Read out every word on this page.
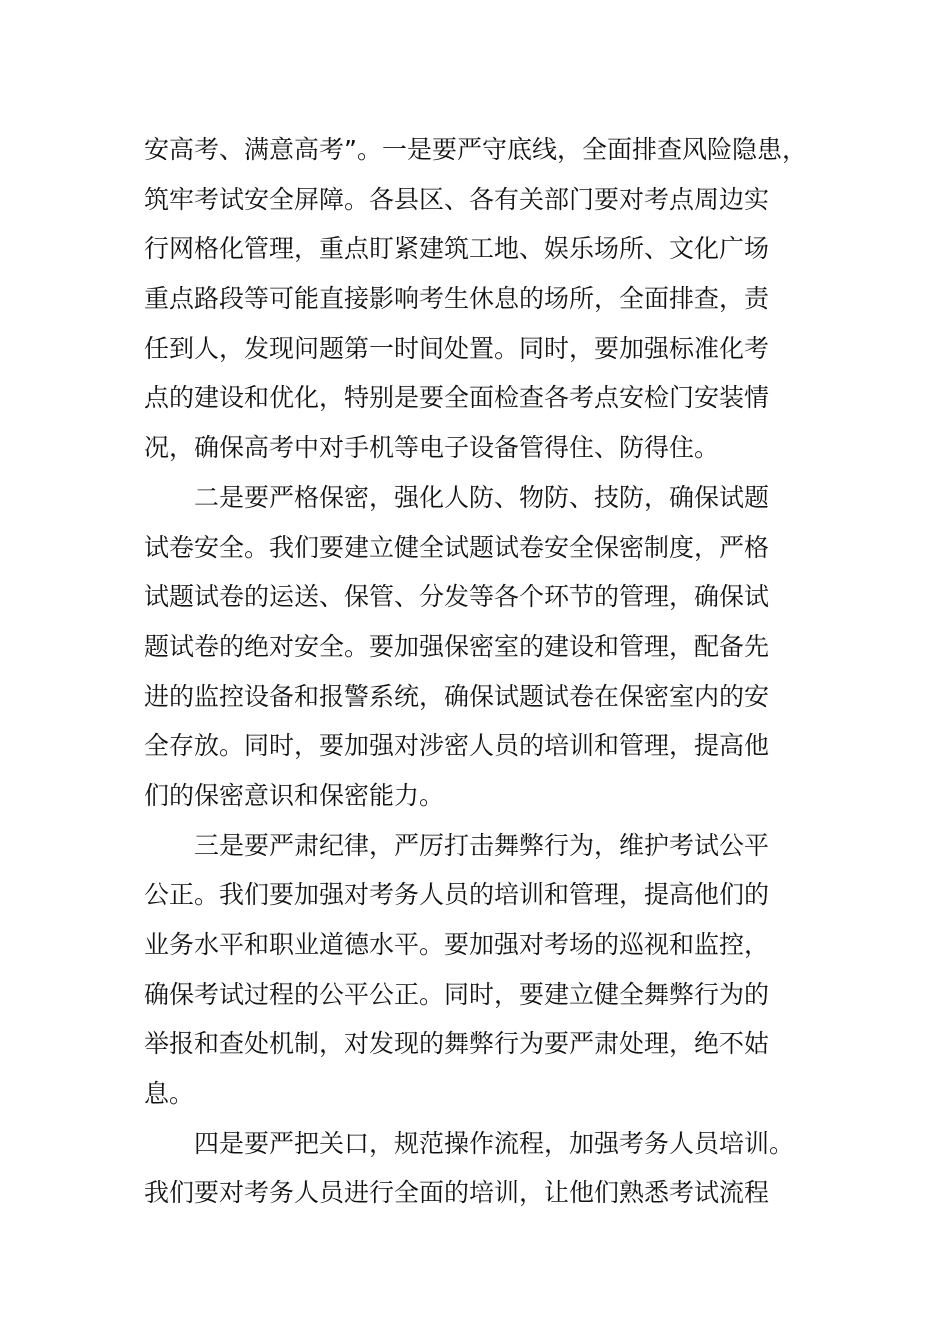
安高考、满意高考”。一是要严守底线，全面排查风险隐患，
筑牢考试安全屏障。各县区、各有关部门要对考点周边实
行网格化管理，重点盯紧建筑工地、娱乐场所、文化广场
重点路段等可能直接影响考生休息的场所，全面排查，责
任到人，发现问题第一时间处置。同时，要加强标准化考
点的建设和优化，特别是要全面检查各考点安检门安装情
况，确保高考中对手机等电子设备管得住、防得住。
二是要严格保密，强化人防、物防、技防，确保试题
试卷安全。我们要建立健全试题试卷安全保密制度，严格
试题试卷的运送、保管、分发等各个环节的管理，确保试
题试卷的绝对安全。要加强保密室的建设和管理，配备先
进的监控设备和报警系统，确保试题试卷在保密室内的安
全存放。同时，要加强对涉密人员的培训和管理，提高他
们的保密意识和保密能力。
三是要严肃纪律，严厉打击舞弊行为，维护考试公平
公正。我们要加强对考务人员的培训和管理，提高他们的
业务水平和职业道德水平。要加强对考场的巡视和监控，
确保考试过程的公平公正。同时，要建立健全舞弊行为的
举报和查处机制，对发现的舞弊行为要严肃处理，绝不姑
息。
四是要严把关口，规范操作流程，加强考务人员培训。
我们要对考务人员进行全面的培训，让他们熟悉考试流程
